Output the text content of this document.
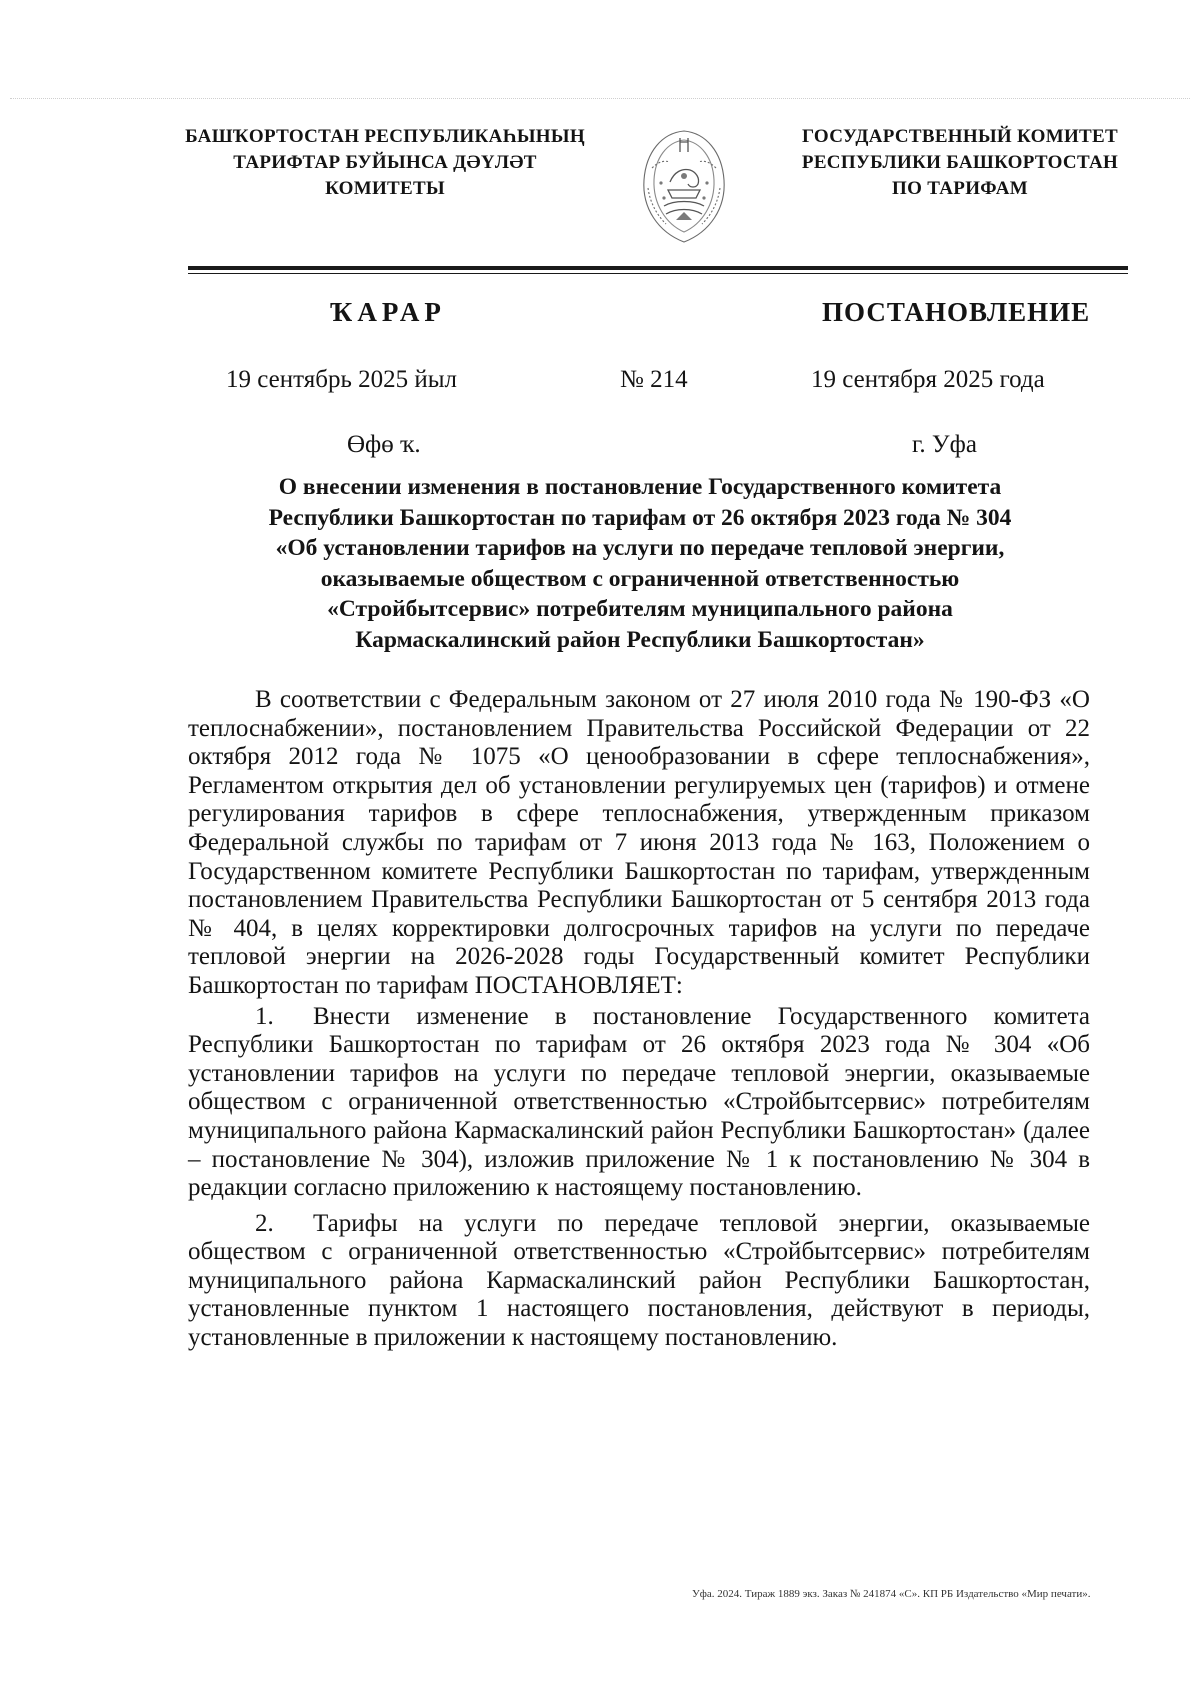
БАШҠОРТОСТАН РЕСПУБЛИКАҺЫНЫҢ
ТАРИФТАР БУЙЫНСА ДӘҮЛӘТ
КОМИТЕТЫ
ГОСУДАРСТВЕННЫЙ КОМИТЕТ
РЕСПУБЛИКИ БАШКОРТОСТАН
ПО ТАРИФАМ
ҠАРАР	ПОСТАНОВЛЕНИЕ
19 сентябрь 2025 йыл	№ 214	19 сентября 2025 года
Өфө ҡ.	г. Уфа
О внесении изменения в постановление Государственного комитета
Республики Башкортостан по тарифам от 26 октября 2023 года № 304
«Об установлении тарифов на услуги по передаче тепловой энергии,
оказываемые обществом с ограниченной ответственностью
«Стройбытсервис» потребителям муниципального района
Кармаскалинский район Республики Башкортостан»

В соответствии с Федеральным законом от 27 июля 2010 года № 190-ФЗ «О теплоснабжении», постановлением Правительства Российской Федерации от 22 октября 2012 года № 1075 «О ценообразовании в сфере теплоснабжения», Регламентом открытия дел об установлении регулируемых цен (тарифов) и отмене регулирования тарифов в сфере теплоснабжения, утвержденным приказом Федеральной службы по тарифам от 7 июня 2013 года № 163, Положением о Государственном комитете Республики Башкортостан по тарифам, утвержденным постановлением Правительства Республики Башкортостан от 5 сентября 2013 года № 404, в целях корректировки долгосрочных тарифов на услуги по передаче тепловой энергии на 2026-2028 годы Государственный комитет Республики Башкортостан по тарифам ПОСТАНОВЛЯЕТ:

1. Внести изменение в постановление Государственного комитета Республики Башкортостан по тарифам от 26 октября 2023 года № 304 «Об установлении тарифов на услуги по передаче тепловой энергии, оказываемые обществом с ограниченной ответственностью «Стройбытсервис» потребителям муниципального района Кармаскалинский район Республики Башкортостан» (далее – постановление № 304), изложив приложение № 1 к постановлению № 304 в редакции согласно приложению к настоящему постановлению.

2. Тарифы на услуги по передаче тепловой энергии, оказываемые обществом с ограниченной ответственностью «Стройбытсервис» потребителям муниципального района Кармаскалинский район Республики Башкортостан, установленные пунктом 1 настоящего постановления, действуют в периоды, установленные в приложении к настоящему постановлению.

Уфа. 2024. Тираж 1889 экз. Заказ № 241874 «С». КП РБ Издательство «Мир печати».
